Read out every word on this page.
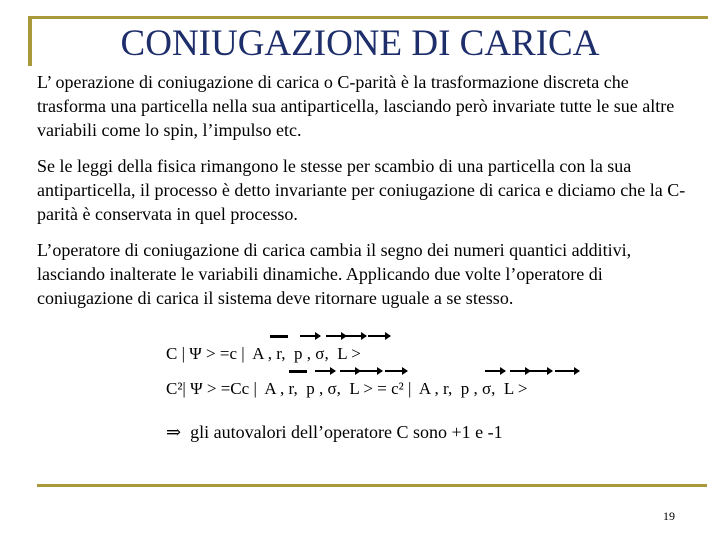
CONIUGAZIONE DI CARICA

L’ operazione di coniugazione di carica o C-parità è la trasformazione discreta che trasforma una particella nella sua antiparticella, lasciando però invariate tutte le sue altre variabili come lo spin, l’impulso etc.

Se le leggi della fisica rimangono le stesse per scambio di una particella con la sua antiparticella, il processo è detto invariante per coniugazione di carica e diciamo che la C-parità è conservata in quel processo.

L’operatore di coniugazione di carica cambia il segno dei numeri quantici additivi, lasciando inalterate le variabili dinamiche. Applicando due volte l’operatore di coniugazione di carica il sistema deve ritornare uguale a se stesso.

C | Ψ > =c |  A , r,  p , σ,  L >
C²| Ψ > =Cc |  A , r,  p , σ,  L > = c² |  A , r,  p , σ,  L >
⇒  gli autovalori dell’operatore C sono +1 e -1
19
